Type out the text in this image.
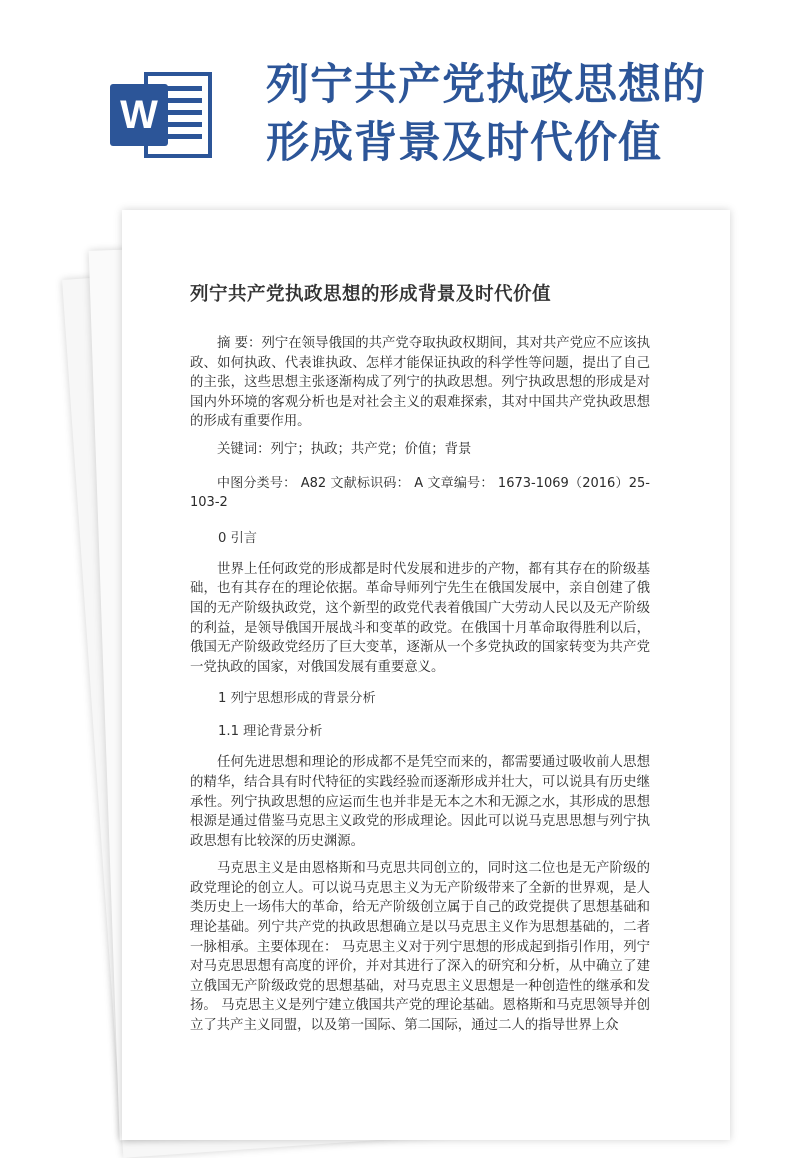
W
列宁共产党执政思想的
形成背景及时代价值
列宁共产党执政思想的形成背景及时代价值

摘 要：列宁在领导俄国的共产党夺取执政权期间，其对共产党应不应该执政、如何执政、代表谁执政、怎样才能保证执政的科学性等问题，提出了自己的主张，这些思想主张逐渐构成了列宁的执政思想。列宁执政思想的形成是对国内外环境的客观分析也是对社会主义的艰难探索，其对中国共产党执政思想的形成有重要作用。

关键词：列宁；执政；共产党；价值；背景

中图分类号： A82 文献标识码： A 文章编号： 1673-1069（2016）25-103-2

0 引言

世界上任何政党的形成都是时代发展和进步的产物，都有其存在的阶级基础，也有其存在的理论依据。革命导师列宁先生在俄国发展中，亲自创建了俄国的无产阶级执政党，这个新型的政党代表着俄国广大劳动人民以及无产阶级的利益，是领导俄国开展战斗和变革的政党。在俄国十月革命取得胜利以后，俄国无产阶级政党经历了巨大变革，逐渐从一个多党执政的国家转变为共产党一党执政的国家，对俄国发展有重要意义。

1 列宁思想形成的背景分析
1.1 理论背景分析

任何先进思想和理论的形成都不是凭空而来的，都需要通过吸收前人思想的精华，结合具有时代特征的实践经验而逐渐形成并壮大，可以说具有历史继承性。列宁执政思想的应运而生也并非是无本之木和无源之水，其形成的思想根源是通过借鉴马克思主义政党的形成理论。因此可以说马克思思想与列宁执政思想有比较深的历史渊源。

马克思主义是由恩格斯和马克思共同创立的，同时这二位也是无产阶级的政党理论的创立人。可以说马克思主义为无产阶级带来了全新的世界观，是人类历史上一场伟大的革命，给无产阶级创立属于自己的政党提供了思想基础和理论基础。列宁共产党的执政思想确立是以马克思主义作为思想基础的，二者一脉相承。主要体现在： 马克思主义对于列宁思想的形成起到指引作用，列宁对马克思思想有高度的评价，并对其进行了深入的研究和分析，从中确立了建立俄国无产阶级政党的思想基础，对马克思主义思想是一种创造性的继承和发扬。 马克思主义是列宁建立俄国共产党的理论基础。恩格斯和马克思领导并创立了共产主义同盟，以及第一国际、第二国际，通过二人的指导世界上众
